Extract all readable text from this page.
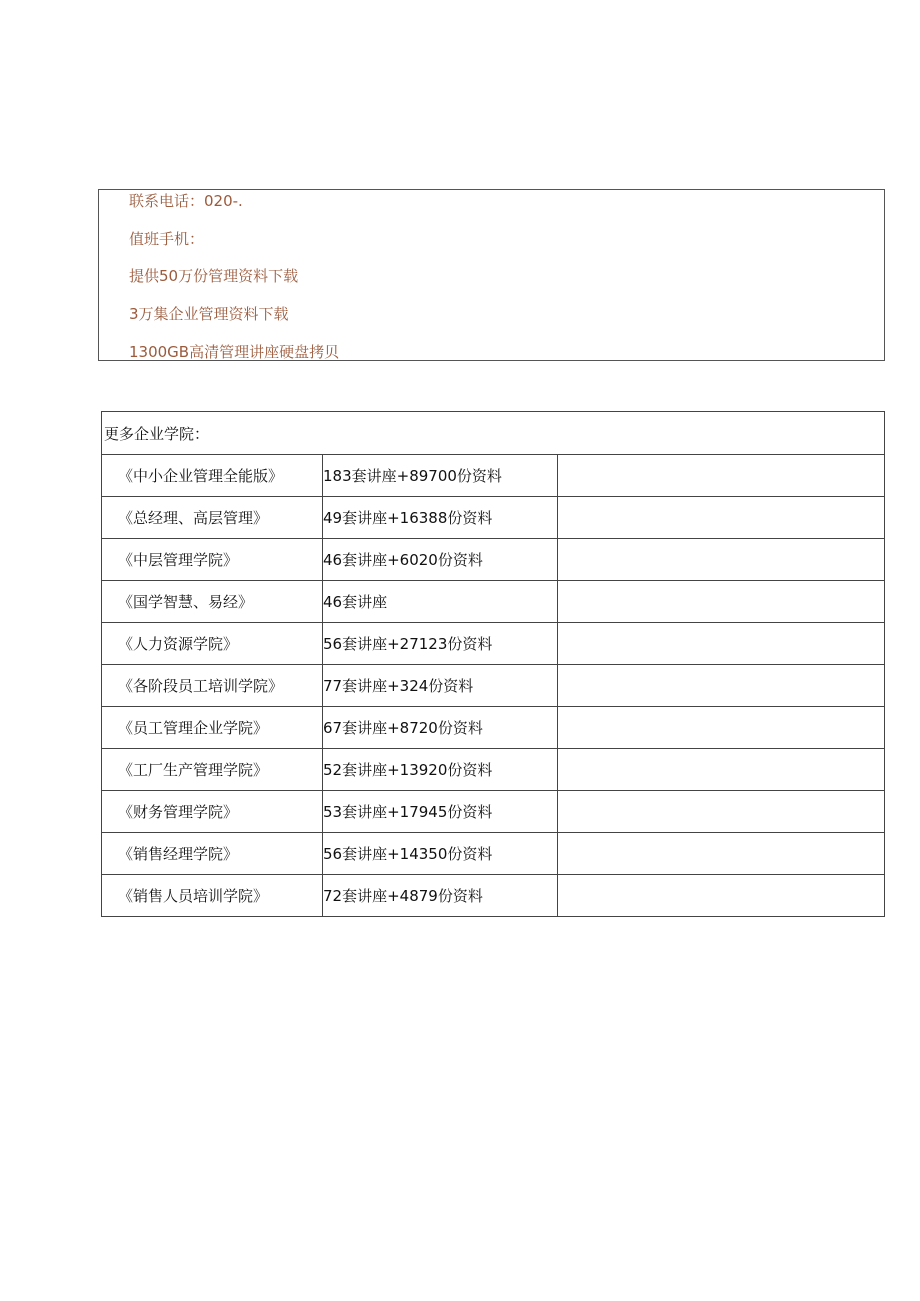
联系电话：020-.
值班手机：
提供50万份管理资料下载
3万集企业管理资料下载
1300GB高清管理讲座硬盘拷贝
更多企业学院：		
《中小企业管理全能版》	183套讲座+89700份资料	
《总经理、高层管理》	49套讲座+16388份资料	
《中层管理学院》	46套讲座+6020份资料	
《国学智慧、易经》	46套讲座	
《人力资源学院》	56套讲座+27123份资料	
《各阶段员工培训学院》	77套讲座+324份资料	
《员工管理企业学院》	67套讲座+8720份资料	
《工厂生产管理学院》	52套讲座+13920份资料	
《财务管理学院》	53套讲座+17945份资料	
《销售经理学院》	56套讲座+14350份资料	
《销售人员培训学院》	72套讲座+4879份资料	
